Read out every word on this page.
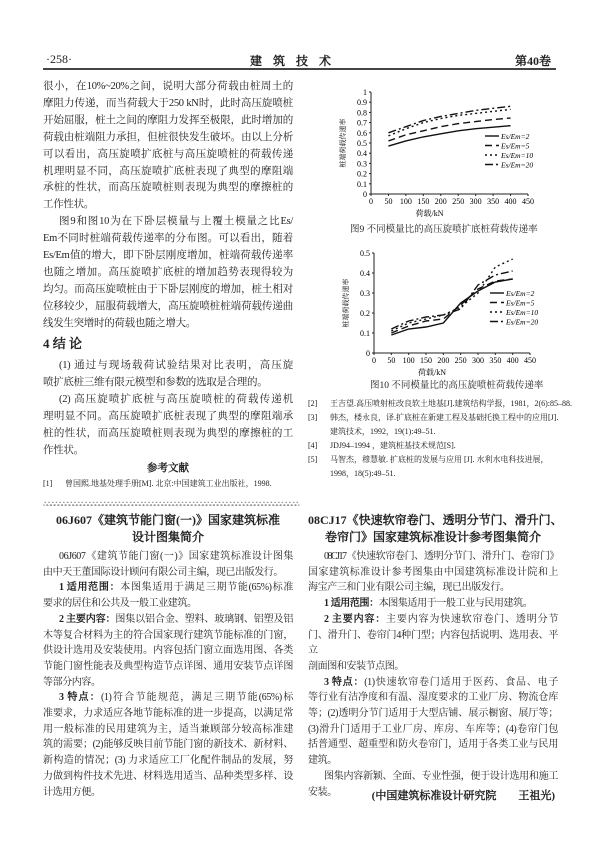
·258·	建 筑 技 术	第40卷
很小，在10%~20%之间，说明大部分荷载由桩周土的
摩阻力传递，而当荷载大于250 kN时，此时高压旋喷桩
开始屈服，桩土之间的摩阻力发挥至极限，此时增加的
荷载由桩端阻力承担，但桩很快发生破坏。由以上分析
可以看出，高压旋喷扩底桩与高压旋喷桩的荷载传递
机理明显不同，高压旋喷扩底桩表现了典型的摩阻端
承桩的性状，而高压旋喷桩则表现为典型的摩擦桩的
工作性状。
图9和图10为在下卧层模量与上覆土模量之比Es/
Em不同时桩端荷载传递率的分布图。可以看出，随着
Es/Em值的增大，即下卧层刚度增加，桩端荷载传递率
也随之增加。高压旋喷扩底桩的增加趋势表现得较为
均匀。而高压旋喷桩由于下卧层刚度的增加，桩土相对
位移较少，屈服荷载增大，高压旋喷桩桩端荷载传递曲
线发生突增时的荷载也随之增大。
4 结 论
(1) 通过与现场载荷试验结果对比表明，高压旋
喷扩底桩三维有限元模型和参数的选取是合理的。
(2) 高压旋喷扩底桩与高压旋喷桩的荷载传递机
理明显不同。高压旋喷扩底桩表现了典型的摩阻端承
桩的性状，而高压旋喷桩则表现为典型的摩擦桩的工
作性状。
参考文献
[1] 曾国熙.地基处理手册[M]. 北京:中国建筑工业出版社，1998.
[2] 王吉望.高压喷射桩改良软土地基[J].建筑结构学报，1981，2(6):85–88.
[3] 韩杰，楼永良，译.扩底桩在新建工程及基础托换工程中的应用[J].
建筑技术，1992，19(1):49–51.
[4] JDJ94–1994 ，建筑桩基技术规范[S].
[5] 马智杰，穆慧敏. 扩底桩的发展与应用 [J]. 水利水电科技进展，
1998，18(5):49–51.
0 50 100 150 200 250 300 350 400 450
0
0.1
0.2
0.3
0.4
0.5
0.6
0.7
0.8
0.9
1
荷载/kN
桩端荷载传递率	Es/Em=2
Es/Em=5
Es/Em=10
Es/Em=20
图9 不同模量比的高压旋喷扩底桩荷载传递率
0 50 100 150 200 250 300 350 400 450
0
0.1
0.2
0.3
0.4
0.5
荷载/kN
桩端荷载传递率	Es/Em=2
Es/Em=5
Es/Em=10
Es/Em=20
图10 不同模量比的高压旋喷桩荷载传递率
ஃஃஃஃஃஃஃஃஃஃஃஃஃஃஃஃஃஃஃஃஃஃஃஃஃஃஃஃஃஃஃஃஃஃஃஃஃஃஃஃஃஃஃஃஃஃஃஃஃஃஃஃஃஃஃஃஃஃஃஃஃஃஃஃஃஃஃஃஃ
06J607《建筑节能门窗(一)》国家建筑标准
设计图集简介
06J607《建筑节能门窗(一)》国家建筑标准设计图集
由中天王董国际设计顾问有限公司主编，现已出版发行。
1 适用范围：本图集适用于满足三期节能(65%)标准
要求的居住和公共及一般工业建筑。
2 主要内容：图集以铝合金、塑料、玻璃钢、铝塑及铝
木等复合材料为主的符合国家现行建筑节能标准的门窗，
供设计选用及安装使用。内容包括门窗立面选用图、各类
节能门窗性能表及典型构造节点详图、通用安装节点详图
等部分内容。
3 特点：(1)符合节能规范，满足三期节能(65%)标
准要求，力求适应各地节能标准的进一步提高，以满足常
用一般标准的民用建筑为主，适当兼顾部分较高标准建
筑的需要；(2)能够反映目前节能门窗的新技术、新材料、
新构造的情况；(3) 力求适应工厂化配件制品的发展，努
力做到构件技术先进、材料选用适当、品种类型多样、设
计选用方便。
08CJ17《快速软帘卷门、透明分节门、滑升门、
卷帘门》国家建筑标准设计参考图集简介
08CJ17《快速软帘卷门、透明分节门、滑升门、卷帘门》
国家建筑标准设计参考图集由中国建筑标准设计院和上
海宝产三和门业有限公司主编，现已出版发行。
1 适用范围：本图集适用于一般工业与民用建筑。
2 主要内容：主要内容为快速软帘卷门、透明分节
门、滑升门、卷帘门4种门型；内容包括说明、选用表、平立
剖面图和安装节点图。
3 特点：(1)快速软帘卷门适用于医药、食品、电子
等行业有洁净度和有温、湿度要求的工业厂房、物流仓库
等；(2)透明分节门适用于大型店铺、展示橱窗、展厅等；
(3)滑升门适用于工业厂房、库房、车库等；(4)卷帘门包
括普通型、超重型和防火卷帘门，适用于各类工业与民用
建筑。
图集内容新颖、全面、专业性强，便于设计选用和施工
安装。	(中国建筑标准设计研究院　　王祖光)
